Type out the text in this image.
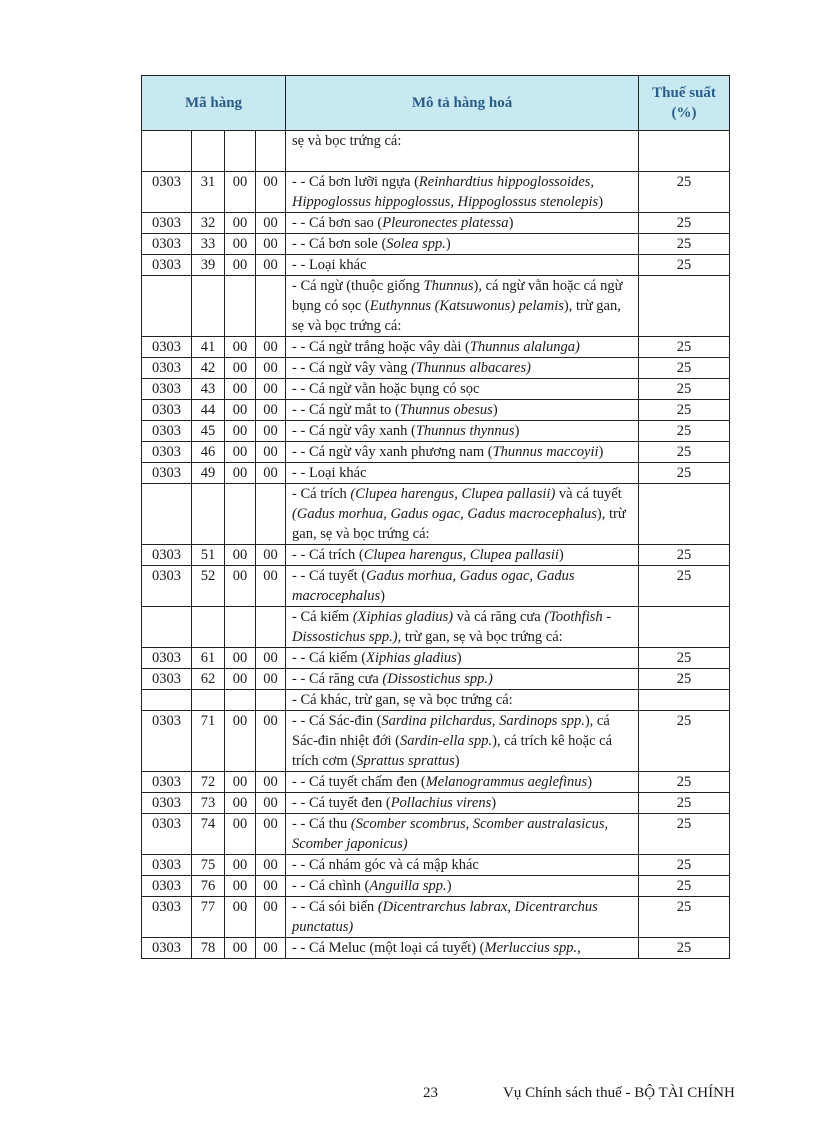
Mã hàng				Mô tả hàng hoá	Thuế suất (%)
				sẹ và bọc trứng cá:	
0303	31	00	00	- - Cá bơn lưỡi ngựa (Reinhardtius hippoglossoides, Hippoglossus hippoglossus, Hippoglossus stenolepis)	25
0303	32	00	00	- - Cá bơn sao (Pleuronectes platessa)	25
0303	33	00	00	- - Cá bơn sole (Solea spp.)	25
0303	39	00	00	- - Loại khác	25
				- Cá ngừ (thuộc giống Thunnus), cá ngừ vằn hoặc cá ngừ bụng có sọc (Euthynnus (Katsuwonus) pelamis), trừ gan, sẹ và bọc trứng cá:	
0303	41	00	00	- - Cá ngừ trắng hoặc vây dài (Thunnus alalunga)	25
0303	42	00	00	- - Cá ngừ vây vàng (Thunnus albacares)	25
0303	43	00	00	- - Cá ngừ vằn hoặc bụng có sọc	25
0303	44	00	00	- - Cá ngừ mắt to (Thunnus obesus)	25
0303	45	00	00	- - Cá ngừ vây xanh (Thunnus thynnus)	25
0303	46	00	00	- - Cá ngừ vây xanh phương nam (Thunnus maccoyii)	25
0303	49	00	00	- - Loại khác	25
				- Cá trích (Clupea harengus, Clupea pallasii) và cá tuyết (Gadus morhua, Gadus ogac, Gadus macrocephalus), trừ gan, sẹ và bọc trứng cá:	
0303	51	00	00	- - Cá trích (Clupea harengus, Clupea pallasii)	25
0303	52	00	00	- - Cá tuyết (Gadus morhua, Gadus ogac, Gadus macrocephalus)	25
				- Cá kiếm (Xiphias gladius) và cá răng cưa (Toothfish - Dissostichus spp.), trừ gan, sẹ và bọc trứng cá:	
0303	61	00	00	- - Cá kiếm (Xiphias gladius)	25
0303	62	00	00	- - Cá răng cưa (Dissostichus spp.)	25
				- Cá khác, trừ gan, sẹ và bọc trứng cá:	
0303	71	00	00	- - Cá Sác-đin (Sardina pilchardus, Sardinops spp.), cá Sác-đin nhiệt đới (Sardin-ella spp.), cá trích kê hoặc cá trích cơm (Sprattus sprattus)	25
0303	72	00	00	- - Cá tuyết chấm đen (Melanogrammus aeglefinus)	25
0303	73	00	00	- - Cá tuyết đen (Pollachius virens)	25
0303	74	00	00	- - Cá thu (Scomber scombrus, Scomber australasicus, Scomber japonicus)	25
0303	75	00	00	- - Cá nhám góc và cá mập khác	25
0303	76	00	00	- - Cá chình (Anguilla spp.)	25
0303	77	00	00	- - Cá sói biển (Dicentrarchus labrax, Dicentrarchus punctatus)	25
0303	78	00	00	- - Cá Meluc (một loại cá tuyết) (Merluccius spp.,	25
23	Vụ Chính sách thuế - BỘ TÀI CHÍNH
